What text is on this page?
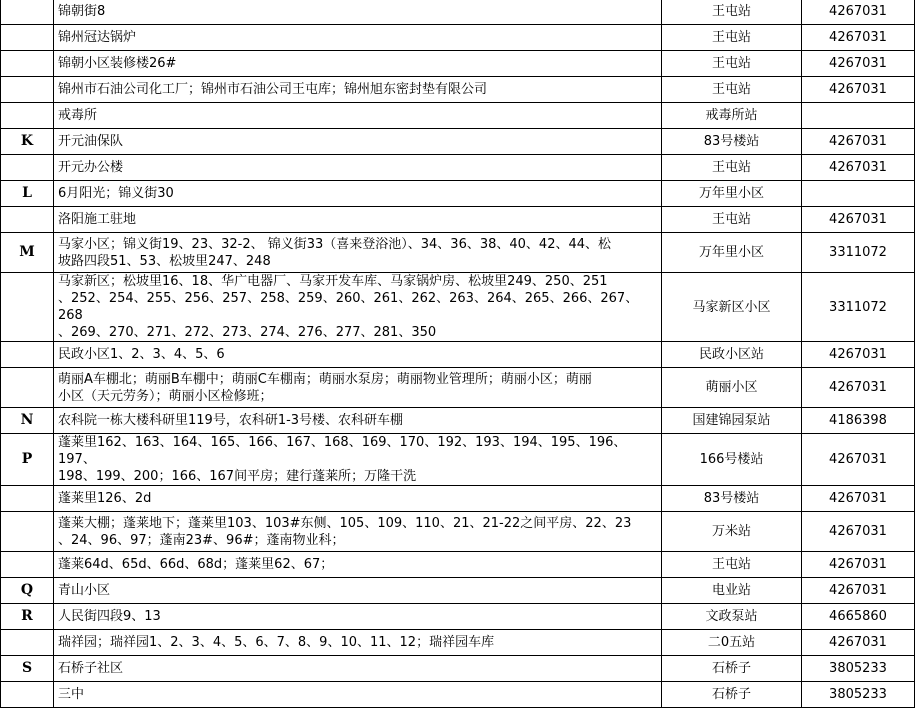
	锦朝街8	王屯站	4267031

	锦州冠达锅炉	王屯站	4267031

	锦朝小区装修楼26#	王屯站	4267031

	锦州市石油公司化工厂；锦州市石油公司王屯库；锦州旭东密封垫有限公司	王屯站	4267031

	戒毒所	戒毒所站	
K	开元油保队	83号楼站	4267031

	开元办公楼	王屯站	4267031
L	6月阳光；锦义街30	万年里小区	

	洛阳施工驻地	王屯站	4267031
M	马家小区；锦义街19、23、32-2、 锦义街33（喜来登浴池）、34、36、38、40、42、44、松
坡路四段51、53、松坡里247、248	万年里小区	3311072

	马家新区；松坡里16、18、华广电器厂、马家开发车库、马家锅炉房、松坡里249、250、251
、252、254、255、256、257、258、259、260、261、262、263、264、265、266、267、268
、269、270、271、272、273、274、276、277、281、350	马家新区小区	3311072

	民政小区1、2、3、4、5、6	民政小区站	4267031

	萌丽A车棚北；萌丽B车棚中；萌丽C车棚南；萌丽水泵房；萌丽物业管理所；萌丽小区；萌丽
小区（天元劳务）；萌丽小区检修班；	萌丽小区	4267031
N	农科院一栋大楼科研里119号，农科研1-3号楼、农科研车棚	国建锦园泵站	4186398
P	蓬莱里162、163、164、165、166、167、168、169、170、192、193、194、195、196、197、
198、199、200；166、167间平房；建行蓬莱所；万隆干洗	166号楼站	4267031

	蓬莱里126、2d	83号楼站	4267031

	蓬莱大棚；蓬莱地下；蓬莱里103、103#东侧、105、109、110、21、21-22之间平房、22、23
、24、96、97；蓬南23#、96#；蓬南物业科；	万米站	4267031

	蓬莱64d、65d、66d、68d；蓬莱里62、67；	王屯站	4267031
Q	青山小区	电业站	4267031
R	人民街四段9、13	文政泵站	4665860

	瑞祥园；瑞祥园1、2、3、4、5、6、7、8、9、10、11、12；瑞祥园车库	二0五站	4267031
S	石桥子社区	石桥子	3805233

	三中	石桥子	3805233
